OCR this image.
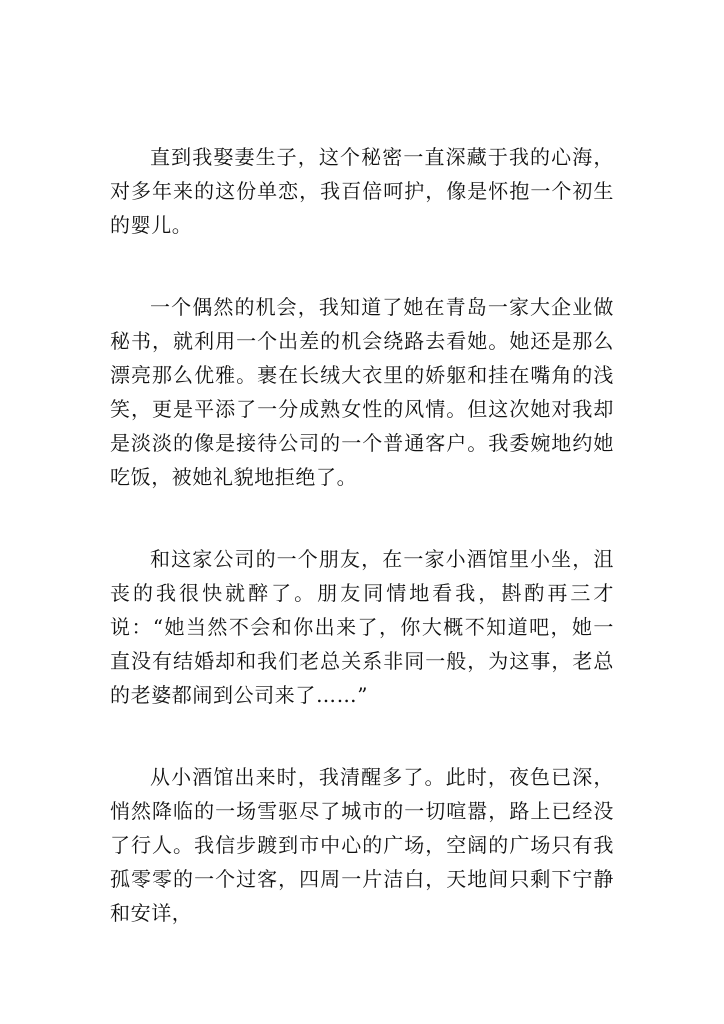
直到我娶妻生子，这个秘密一直深藏于我的心海，对多年来的这份单恋，我百倍呵护，像是怀抱一个初生的婴儿。

一个偶然的机会，我知道了她在青岛一家大企业做秘书，就利用一个出差的机会绕路去看她。她还是那么漂亮那么优雅。裹在长绒大衣里的娇躯和挂在嘴角的浅笑，更是平添了一分成熟女性的风情。但这次她对我却是淡淡的像是接待公司的一个普通客户。我委婉地约她吃饭，被她礼貌地拒绝了。

和这家公司的一个朋友，在一家小酒馆里小坐，沮丧的我很快就醉了。朋友同情地看我，斟酌再三才说：“她当然不会和你出来了，你大概不知道吧，她一直没有结婚却和我们老总关系非同一般，为这事，老总的老婆都闹到公司来了……”

从小酒馆出来时，我清醒多了。此时，夜色已深，悄然降临的一场雪驱尽了城市的一切喧嚣，路上已经没了行人。我信步踱到市中心的广场，空阔的广场只有我孤零零的一个过客，四周一片洁白，天地间只剩下宁静和安详，
